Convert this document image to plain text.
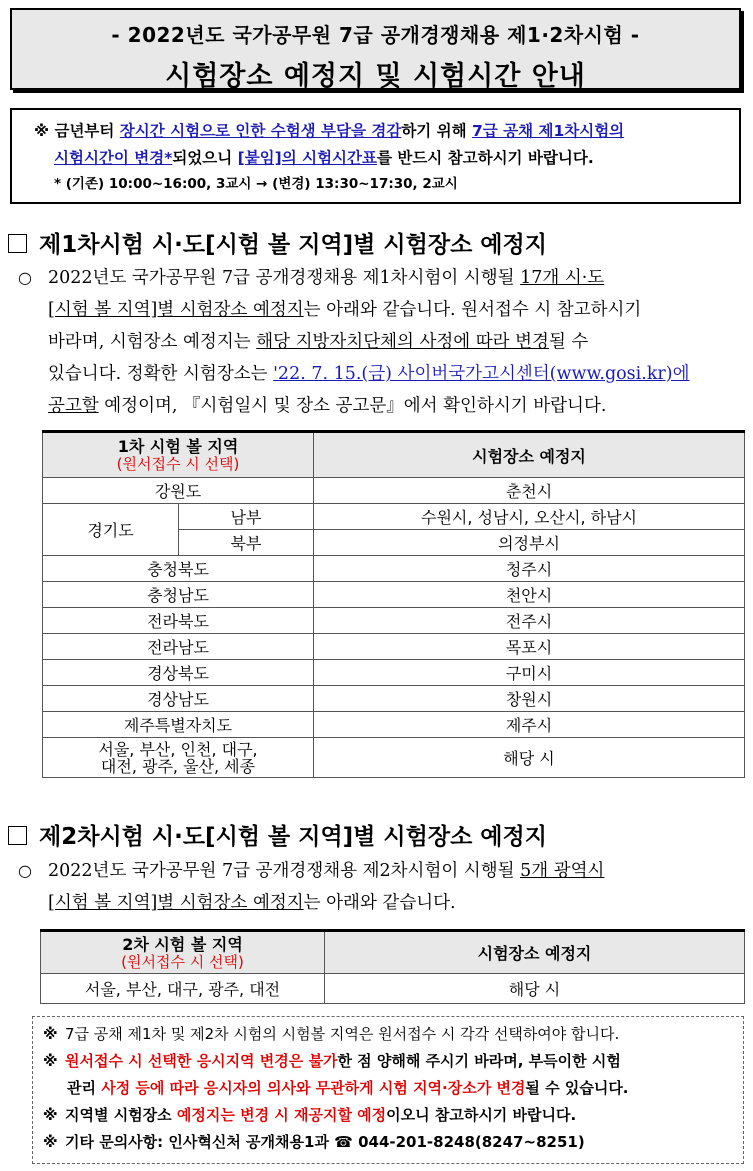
- 2022년도 국가공무원 7급 공개경쟁채용 제1·2차시험 -
시험장소 예정지 및 시험시간 안내
※ 금년부터 장시간 시험으로 인한 수험생 부담을 경감하기 위해 7급 공채 제1차시험의
시험시간이 변경*되었으니 [붙임]의 시험시간표를 반드시 참고하시기 바랍니다.
* (기존) 10:00~16:00, 3교시 → (변경) 13:30~17:30, 2교시
제1차시험 시·도[시험 볼 지역]별 시험장소 예정지
○ 2022년도 국가공무원 7급 공개경쟁채용 제1차시험이 시행될 17개 시·도
[시험 볼 지역]별 시험장소 예정지는 아래와 같습니다. 원서접수 시 참고하시기
바라며, 시험장소 예정지는 해당 지방자치단체의 사정에 따라 변경될 수
있습니다. 정확한 시험장소는 '22. 7. 15.(금) 사이버국가고시센터(www.gosi.kr)에
공고할 예정이며, 『시험일시 및 장소 공고문』에서 확인하시기 바랍니다.
1차 시험 볼 지역
(원서접수 시 선택)		시험장소 예정지
강원도		춘천시
경기도	남부	수원시, 성남시, 오산시, 하남시
	북부	의정부시
충청북도		청주시
충청남도		천안시
전라북도		전주시
전라남도		목포시
경상북도		구미시
경상남도		창원시
제주특별자치도		제주시

서울, 부산, 인천, 대구,
대전, 광주, 울산, 세종		해당 시
제2차시험 시·도[시험 볼 지역]별 시험장소 예정지
○ 2022년도 국가공무원 7급 공개경쟁채용 제2차시험이 시행될 5개 광역시
[시험 볼 지역]별 시험장소 예정지는 아래와 같습니다.
2차 시험 볼 지역
(원서접수 시 선택)	시험장소 예정지
서울, 부산, 대구, 광주, 대전	해당 시
※ 7급 공채 제1차 및 제2차 시험의 시험볼 지역은 원서접수 시 각각 선택하여야 합니다.
※ 원서접수 시 선택한 응시지역 변경은 불가한 점 양해해 주시기 바라며, 부득이한 시험
관리 사정 등에 따라 응시자의 의사와 무관하게 시험 지역·장소가 변경될 수 있습니다.
※ 지역별 시험장소 예정지는 변경 시 재공지할 예정이오니 참고하시기 바랍니다.
※ 기타 문의사항: 인사혁신처 공개채용1과 ☎ 044-201-8248(8247~8251)
